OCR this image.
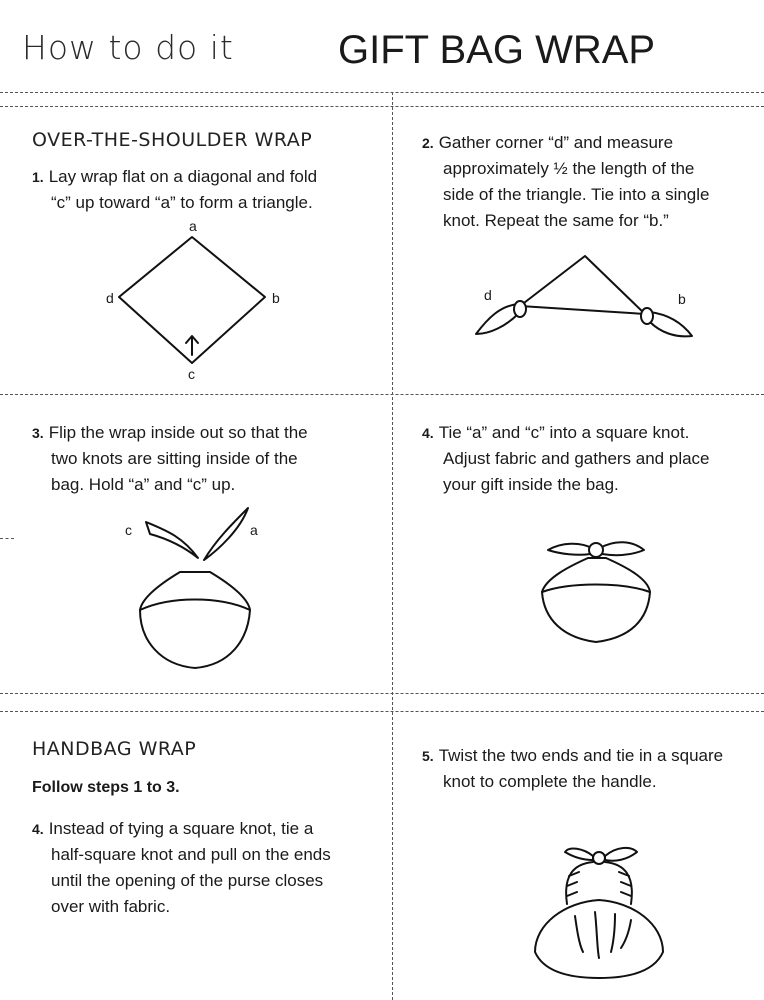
How to do it	GIFT BAG WRAP
OVER-THE-SHOULDER WRAP
1. Lay wrap flat on a diagonal and fold
“c” up toward “a” to form a triangle.
a
d	b
c
2. Gather corner “d” and measure
approximately ½ the length of the
side of the triangle. Tie into a single
knot. Repeat the same for “b.”
d	b
3. Flip the wrap inside out so that the
two knots are sitting inside of the
bag. Hold “a” and “c” up.
c	a
4. Tie “a” and “c” into a square knot.
Adjust fabric and gathers and place
your gift inside the bag.
HANDBAG WRAP
Follow steps 1 to 3.
4. Instead of tying a square knot, tie a
half-square knot and pull on the ends
until the opening of the purse closes
over with fabric.
5. Twist the two ends and tie in a square
knot to complete the handle.
